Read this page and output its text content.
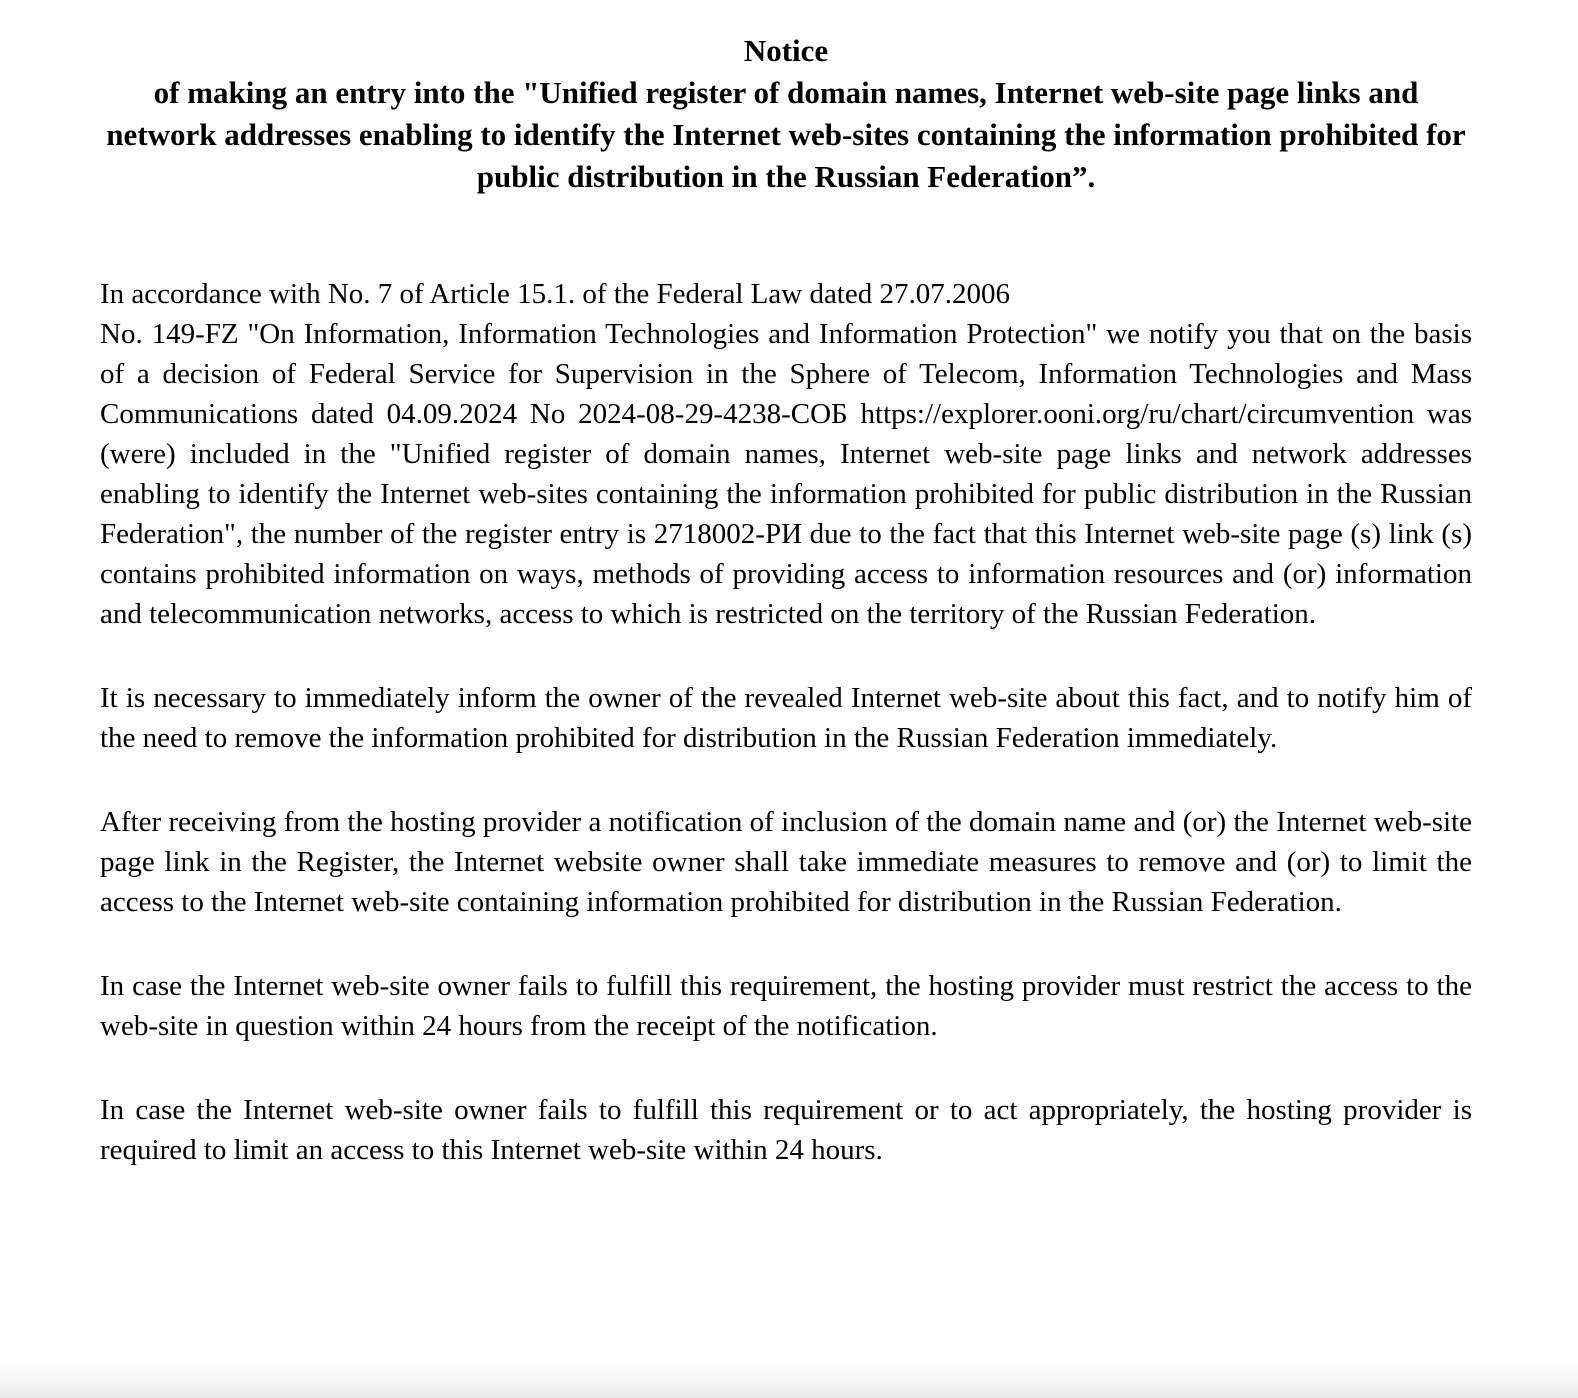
Notice
of making an entry into the "Unified register of domain names, Internet web-site page links and network addresses enabling to identify the Internet web-sites containing the information prohibited for public distribution in the Russian Federation”.

In accordance with No. 7 of Article 15.1. of the Federal Law dated 27.07.2006
No. 149-FZ "On Information, Information Technologies and Information Protection" we notify you that on the basis of a decision of Federal Service for Supervision in the Sphere of Telecom, Information Technologies and Mass Communications dated 04.09.2024 No 2024-08-29-4238-СОБ https://explorer.ooni.org/ru/chart/circumvention was (were) included in the "Unified register of domain names, Internet web-site page links and network addresses enabling to identify the Internet web-sites containing the information prohibited for public distribution in the Russian Federation", the number of the register entry is 2718002-РИ due to the fact that this Internet web-site page (s) link (s) contains prohibited information on ways, methods of providing access to information resources and (or) information and telecommunication networks, access to which is restricted on the territory of the Russian Federation.

It is necessary to immediately inform the owner of the revealed Internet web-site about this fact, and to notify him of the need to remove the information prohibited for distribution in the Russian Federation immediately.

After receiving from the hosting provider a notification of inclusion of the domain name and (or) the Internet web-site page link in the Register, the Internet website owner shall take immediate measures to remove and (or) to limit the access to the Internet web-site containing information prohibited for distribution in the Russian Federation.

In case the Internet web-site owner fails to fulfill this requirement, the hosting provider must restrict the access to the web-site in question within 24 hours from the receipt of the notification.

In case the Internet web-site owner fails to fulfill this requirement or to act appropriately, the hosting provider is required to limit an access to this Internet web-site within 24 hours.
